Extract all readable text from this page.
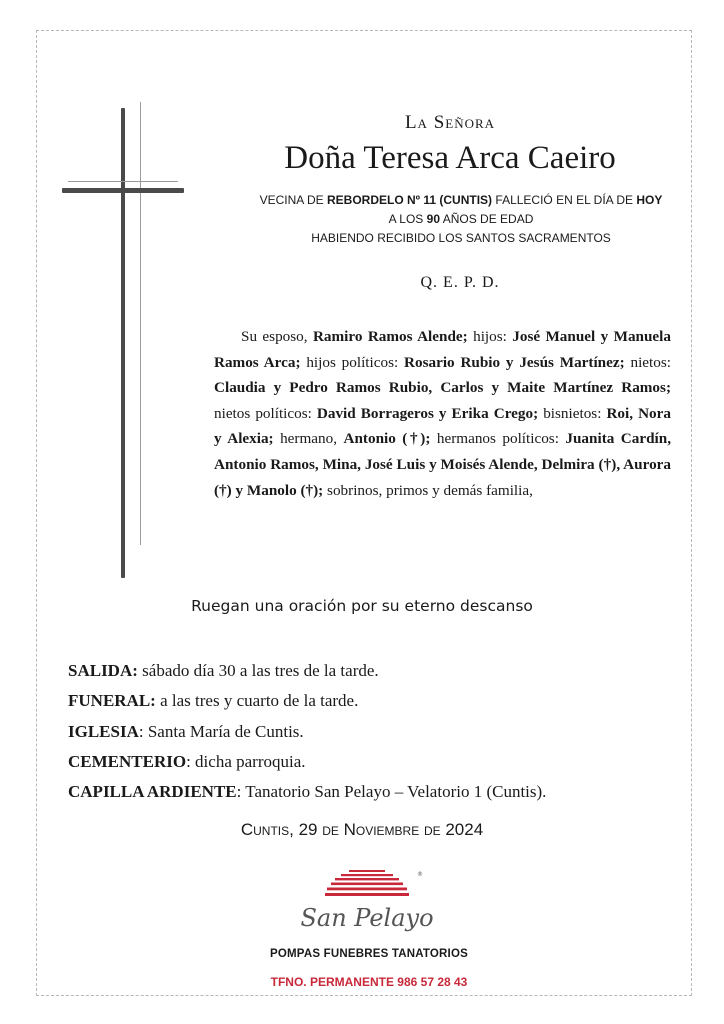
La Señora
Doña Teresa Arca Caeiro
VECINA DE REBORDELO Nº 11 (CUNTIS) FALLECIÓ EN EL DÍA DE HOY
A LOS 90 AÑOS DE EDAD
HABIENDO RECIBIDO LOS SANTOS SACRAMENTOS
Q. E. P. D.
Su esposo, Ramiro Ramos Alende; hijos: José Manuel y Manuela Ramos Arca; hijos políticos: Rosario Rubio y Jesús Martínez; nietos: Claudia y Pedro Ramos Rubio, Carlos y Maite Martínez Ramos; nietos políticos: David Borrageros y Erika Crego; bisnietos: Roi, Nora y Alexia; hermano, Antonio (†); hermanos políticos: Juanita Cardín, Antonio Ramos, Mina, José Luis y Moisés Alende, Delmira (†), Aurora (†) y Manolo (†); sobrinos, primos y demás familia,
Ruegan una oración por su eterno descanso
SALIDA: sábado día 30 a las tres de la tarde.
FUNERAL: a las tres y cuarto de la tarde.
IGLESIA: Santa María de Cuntis.
CEMENTERIO: dicha parroquia.
CAPILLA ARDIENTE: Tanatorio San Pelayo – Velatorio 1 (Cuntis).
Cuntis, 29 de Noviembre de 2024
®
San Pelayo
POMPAS FUNEBRES TANATORIOS
TFNO. PERMANENTE 986 57 28 43
